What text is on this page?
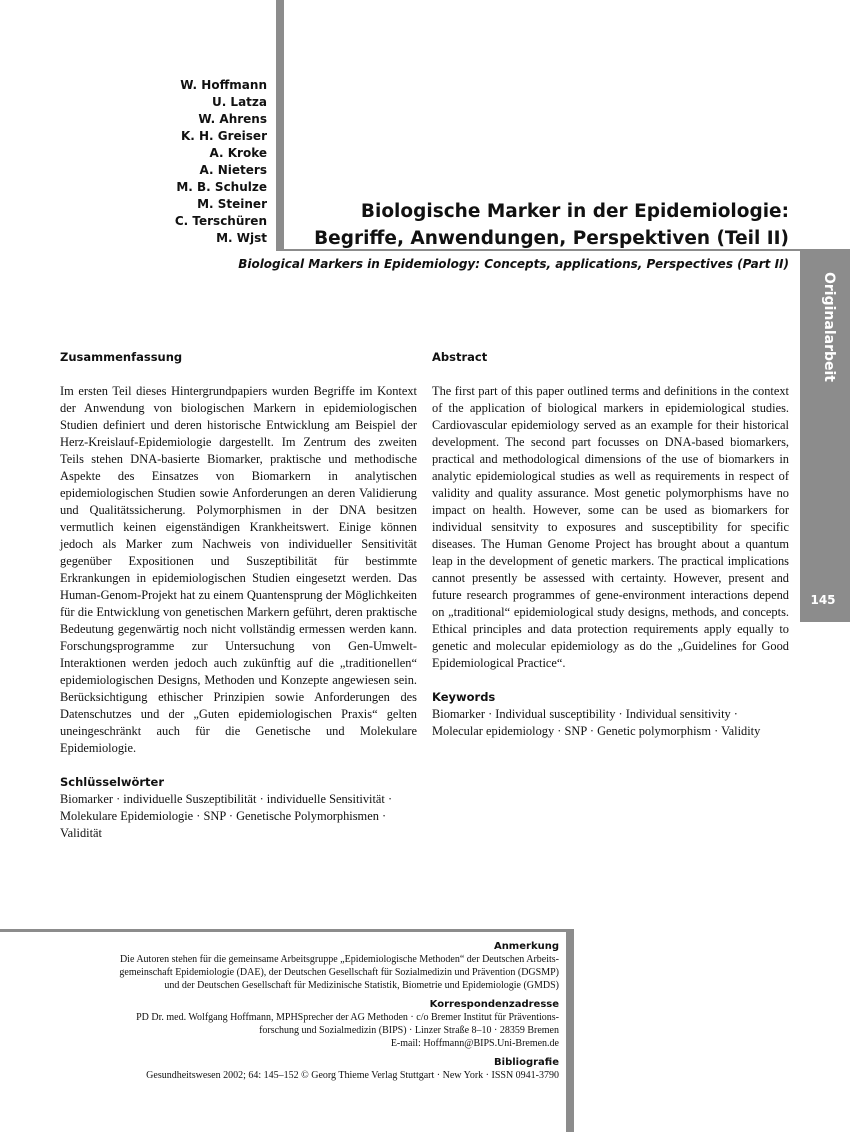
Originalarbeit
145
W. Hoffmann
U. Latza
W. Ahrens
K. H. Greiser
A. Kroke
A. Nieters
M. B. Schulze
M. Steiner
C. Terschüren
M. Wjst
Biologische Marker in der Epidemiologie:
Begriffe, Anwendungen, Perspektiven (Teil II)

Biological Markers in Epidemiology: Concepts, applications, Perspectives (Part II)

Zusammenfassung

Im ersten Teil dieses Hintergrundpapiers wurden Begriffe im Kontext der Anwendung von biologischen Markern in epidemiologischen Studien definiert und deren historische Entwicklung am Beispiel der Herz-Kreislauf-Epidemiologie dargestellt. Im Zentrum des zweiten Teils stehen DNA-basierte Biomarker, praktische und methodische Aspekte des Einsatzes von Biomarkern in analytischen epidemiologischen Studien sowie Anforderungen an deren Validierung und Qualitätssicherung. Polymorphismen in der DNA besitzen vermutlich keinen eigenständigen Krankheitswert. Einige können jedoch als Marker zum Nachweis von individueller Sensitivität gegenüber Expositionen und Suszeptibilität für bestimmte Erkrankungen in epidemiologischen Studien eingesetzt werden. Das Human-Genom-Projekt hat zu einem Quantensprung der Möglichkeiten für die Entwicklung von genetischen Markern geführt, deren praktische Bedeutung gegenwärtig noch nicht vollständig ermessen werden kann. Forschungsprogramme zur Untersuchung von Gen-Umwelt-Interaktionen werden jedoch auch zukünftig auf die „traditionellen“ epidemiologischen Designs, Methoden und Konzepte angewiesen sein. Berücksichtigung ethischer Prinzipien sowie Anforderungen des Datenschutzes und der „Guten epidemiologischen Praxis“ gelten uneingeschränkt auch für die Genetische und Molekulare Epidemiologie.

Schlüsselwörter
Biomarker · individuelle Suszeptibilität · individuelle Sensitivität · Molekulare Epidemiologie · SNP · Genetische Polymorphismen · Validität
Abstract

The first part of this paper outlined terms and definitions in the context of the application of biological markers in epidemiological studies. Cardiovascular epidemiology served as an example for their historical development. The second part focusses on DNA-based biomarkers, practical and methodological dimensions of the use of biomarkers in analytic epidemiological studies as well as requirements in respect of validity and quality assurance. Most genetic polymorphisms have no impact on health. However, some can be used as biomarkers for individual sensitvity to exposures and susceptibility for specific diseases. The Human Genome Project has brought about a quantum leap in the development of genetic markers. The practical implications cannot presently be assessed with certainty. However, present and future research programmes of gene-environment interactions depend on „traditional“ epidemiological study designs, methods, and concepts. Ethical principles and data protection requirements apply equally to genetic and molecular epidemiology as do the „Guidelines for Good Epidemiological Practice“.

Keywords
Biomarker · Individual susceptibility · Individual sensitivity · Molecular epidemiology · SNP · Genetic polymorphism · Validity
Anmerkung
Die Autoren stehen für die gemeinsame Arbeitsgruppe „Epidemiologische Methoden“ der Deutschen Arbeits-
gemeinschaft Epidemiologie (DAE), der Deutschen Gesellschaft für Sozialmedizin und Prävention (DGSMP)
und der Deutschen Gesellschaft für Medizinische Statistik, Biometrie und Epidemiologie (GMDS)
Korrespondenzadresse
PD Dr. med. Wolfgang Hoffmann, MPHSprecher der AG Methoden · c/o Bremer Institut für Präventions-
forschung und Sozialmedizin (BIPS) · Linzer Straße 8–10 · 28359 Bremen
E-mail: Hoffmann@BIPS.Uni-Bremen.de
Bibliografie
Gesundheitswesen 2002; 64: 145–152 © Georg Thieme Verlag Stuttgart · New York · ISSN 0941-3790
